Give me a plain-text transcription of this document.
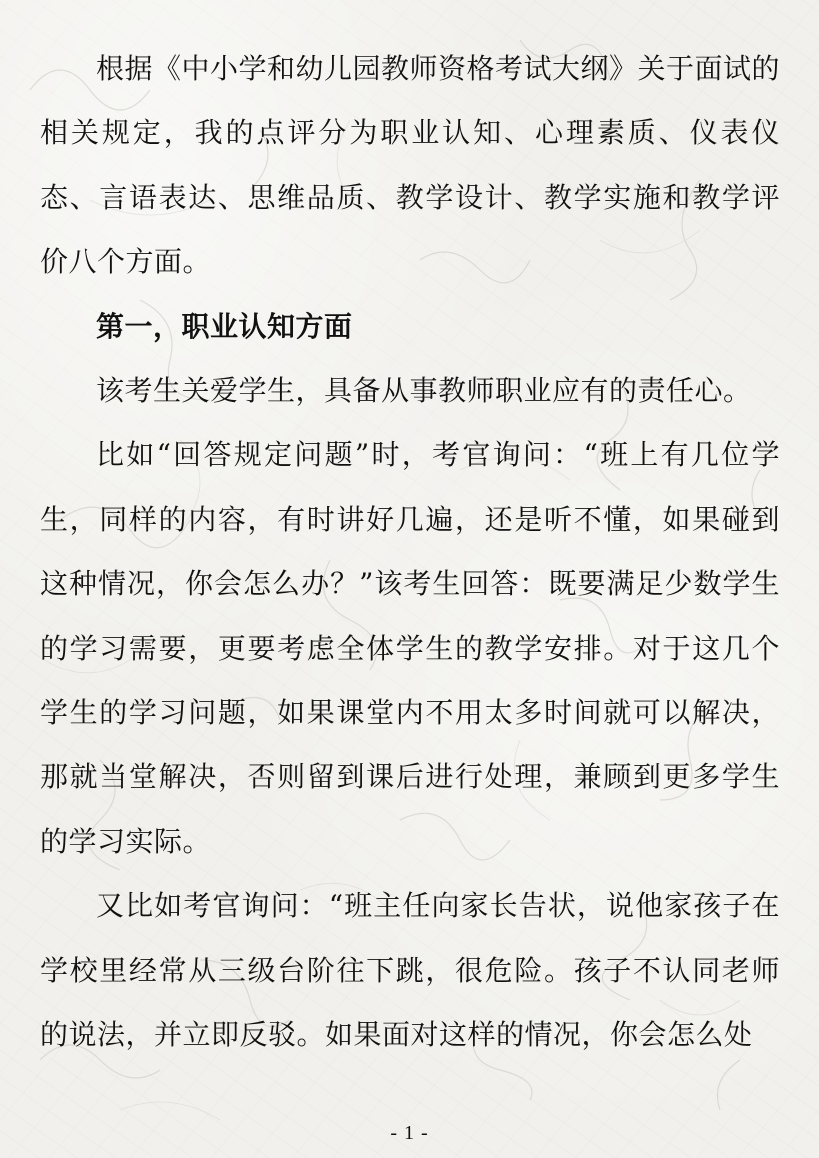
根据《中小学和幼儿园教师资格考试大纲》关于面试的相关规定，我的点评分为职业认知、心理素质、仪表仪态、言语表达、思维品质、教学设计、教学实施和教学评价八个方面。

第一，职业认知方面

该考生关爱学生，具备从事教师职业应有的责任心。

比如“回答规定问题”时，考官询问：“班上有几位学生，同样的内容，有时讲好几遍，还是听不懂，如果碰到这种情况，你会怎么办？”该考生回答：既要满足少数学生的学习需要，更要考虑全体学生的教学安排。对于这几个学生的学习问题，如果课堂内不用太多时间就可以解决，那就当堂解决，否则留到课后进行处理，兼顾到更多学生的学习实际。

又比如考官询问：“班主任向家长告状，说他家孩子在学校里经常从三级台阶往下跳，很危险。孩子不认同老师的说法，并立即反驳。如果面对这样的情况，你会怎么处

- 1 -
